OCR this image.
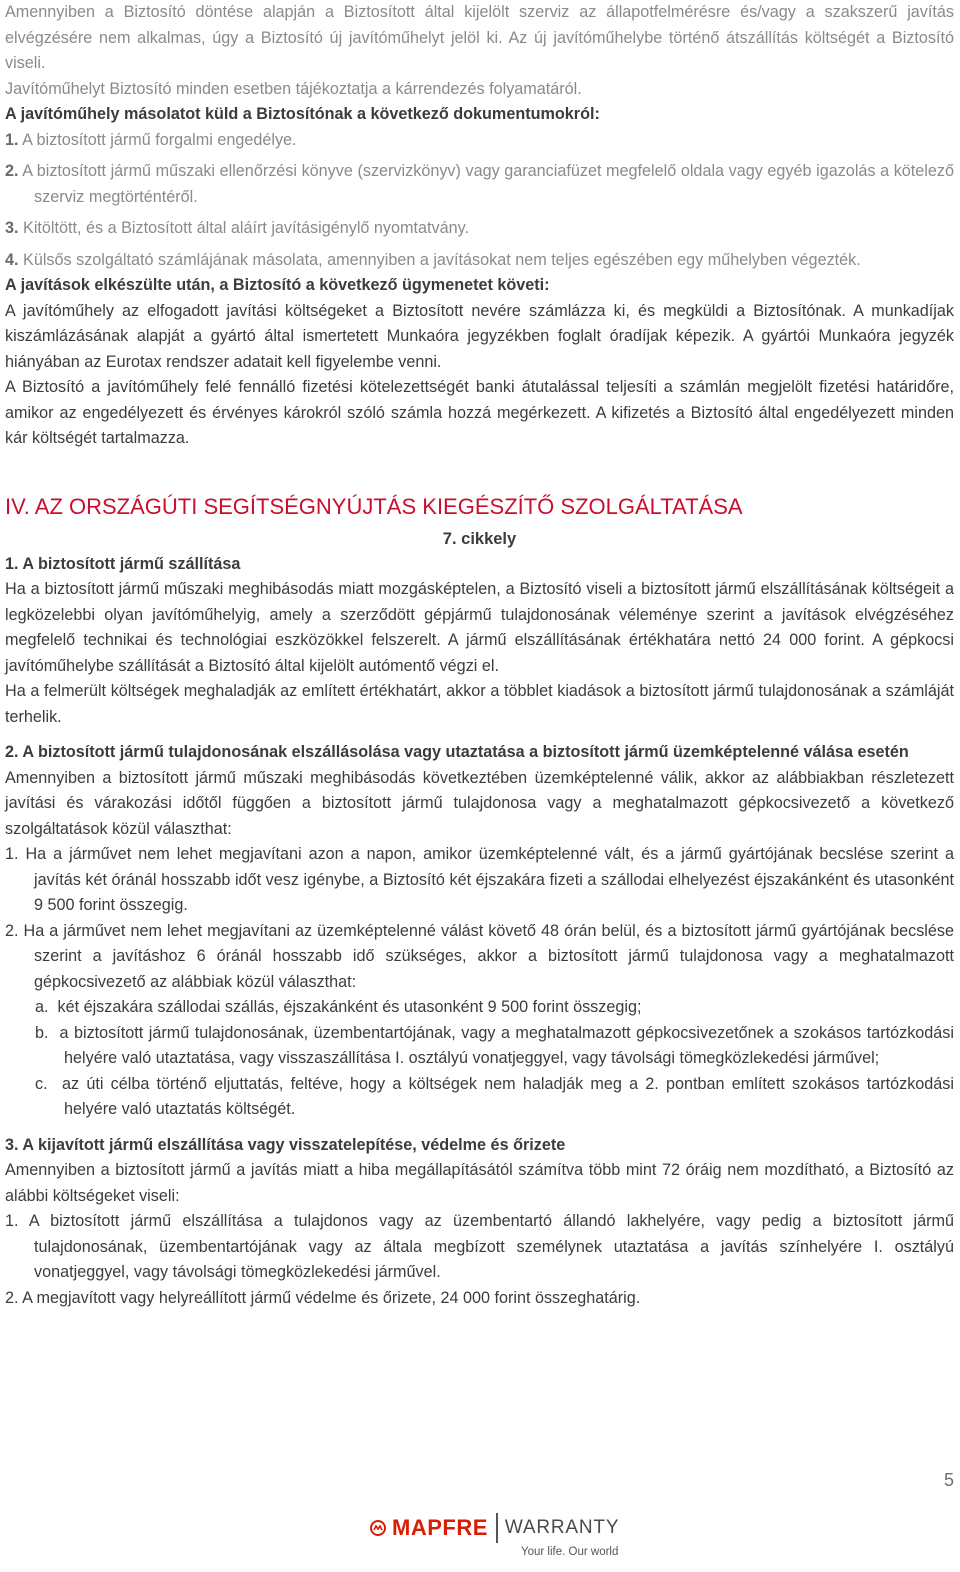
Amennyiben a Biztosító döntése alapján a Biztosított által kijelölt szerviz az állapotfelmérésre és/vagy a szakszerű javítás elvégzésére nem alkalmas, úgy a Biztosító új javítóműhelyt jelöl ki. Az új javítóműhelybe történő átszállítás költségét a Biztosító viseli.

Javítóműhelyt Biztosító minden esetben tájékoztatja a kárrendezés folyamatáról.

A javítóműhely másolatot küld a Biztosítónak a következő dokumentumokról:

1. A biztosított jármű forgalmi engedélye.

2. A biztosított jármű műszaki ellenőrzési könyve (szervizkönyv) vagy garanciafüzet megfelelő oldala vagy egyéb igazolás a kötelező szerviz megtörténtéről.

3. Kitöltött, és a Biztosított által aláírt javításigénylő nyomtatvány.

4. Külsős szolgáltató számlájának másolata, amennyiben a javításokat nem teljes egészében egy műhelyben végezték.

A javítások elkészülte után, a Biztosító a következő ügymenetet követi:

A javítóműhely az elfogadott javítási költségeket a Biztosított nevére számlázza ki, és megküldi a Biztosítónak. A munkadíjak kiszámlázásának alapját a gyártó által ismertetett Munkaóra jegyzékben foglalt óradíjak képezik. A gyártói Munkaóra jegyzék hiányában az Eurotax rendszer adatait kell figyelembe venni.

A Biztosító a javítóműhely felé fennálló fizetési kötelezettségét banki átutalással teljesíti a számlán megjelölt fizetési határidőre, amikor az engedélyezett és érvényes károkról szóló számla hozzá megérkezett. A kifizetés a Biztosító által engedélyezett minden kár költségét tartalmazza.

IV. AZ ORSZÁGÚTI SEGÍTSÉGNYÚJTÁS KIEGÉSZÍTŐ SZOLGÁLTATÁSA
7. cikkely

1. A biztosított jármű szállítása

Ha a biztosított jármű műszaki meghibásodás miatt mozgásképtelen, a Biztosító viseli a biztosított jármű elszállításának költségeit a legközelebbi olyan javítóműhelyig, amely a szerződött gépjármű tulajdonosának véleménye szerint a javítások elvégzéséhez megfelelő technikai és technológiai eszközökkel felszerelt. A jármű elszállításának értékhatára nettó 24 000 forint. A gépkocsi javítóműhelybe szállítását a Biztosító által kijelölt autómentő végzi el.

Ha a felmerült költségek meghaladják az említett értékhatárt, akkor a többlet kiadások a biztosított jármű tulajdonosának a számláját terhelik.

2. A biztosított jármű tulajdonosának elszállásolása vagy utaztatása a biztosított jármű üzemképtelenné válása esetén

Amennyiben a biztosított jármű műszaki meghibásodás következtében üzemképtelenné válik, akkor az alábbiakban részletezett javítási és várakozási időtől függően a biztosított jármű tulajdonosa vagy a meghatalmazott gépkocsivezető a következő szolgáltatások közül választhat:

1. Ha a járművet nem lehet megjavítani azon a napon, amikor üzemképtelenné vált, és a jármű gyártójának becslése szerint a javítás két óránál hosszabb időt vesz igénybe, a Biztosító két éjszakára fizeti a szállodai elhelyezést éjszakánként és utasonként 9 500 forint összegig.

2. Ha a járművet nem lehet megjavítani az üzemképtelenné válást követő 48 órán belül, és a biztosított jármű gyártójának becslése szerint a javításhoz 6 óránál hosszabb idő szükséges, akkor a biztosított jármű tulajdonosa vagy a meghatalmazott gépkocsivezető az alábbiak közül választhat:

a.  két éjszakára szállodai szállás, éjszakánként és utasonként 9 500 forint összegig;

b.  a biztosított jármű tulajdonosának, üzembentartójának, vagy a meghatalmazott gépkocsivezetőnek a szokásos tartózkodási helyére való utaztatása, vagy visszaszállítása I. osztályú vonatjeggyel, vagy távolsági tömegközlekedési járművel;

c.  az úti célba történő eljuttatás, feltéve, hogy a költségek nem haladják meg a 2. pontban említett szokásos tartózkodási helyére való utaztatás költségét.

3. A kijavított jármű elszállítása vagy visszatelepítése, védelme és őrizete

Amennyiben a biztosított jármű a javítás miatt a hiba megállapításától számítva több mint 72 óráig nem mozdítható, a Biztosító az alábbi költségeket viseli:

1. A biztosított jármű elszállítása a tulajdonos vagy az üzembentartó állandó lakhelyére, vagy pedig a biztosított jármű tulajdonosának, üzembentartójának vagy az általa megbízott személynek utaztatása a javítás színhelyére I. osztályú vonatjeggyel, vagy távolsági tömegközlekedési járművel.

2. A megjavított vagy helyreállított jármű védelme és őrizete, 24 000 forint összeghatárig.

5
MAPFRE WARRANTY
Your life. Our world
